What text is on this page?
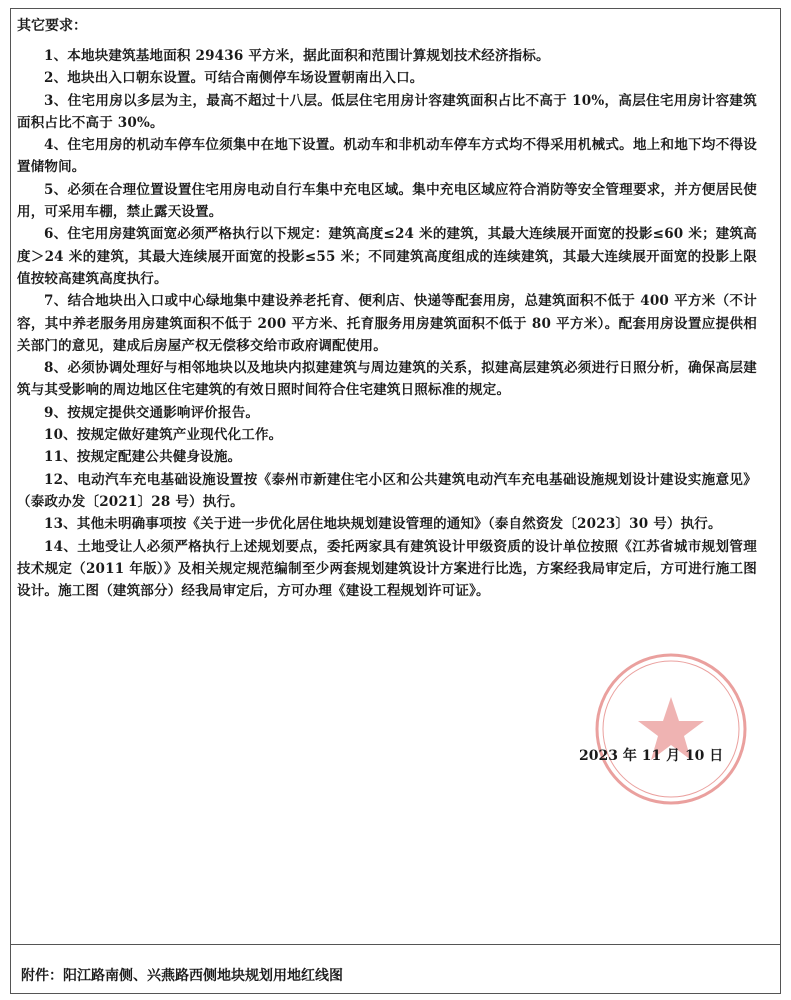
其它要求：

1、本地块建筑基地面积 29436 平方米，据此面积和范围计算规划技术经济指标。

2、地块出入口朝东设置。可结合南侧停车场设置朝南出入口。

3、住宅用房以多层为主，最高不超过十八层。低层住宅用房计容建筑面积占比不高于 10%，高层住宅用房计容建筑面积占比不高于 30%。

4、住宅用房的机动车停车位须集中在地下设置。机动车和非机动车停车方式均不得采用机械式。地上和地下均不得设置储物间。

5、必须在合理位置设置住宅用房电动自行车集中充电区域。集中充电区域应符合消防等安全管理要求，并方便居民使用，可采用车棚，禁止露天设置。

6、住宅用房建筑面宽必须严格执行以下规定：建筑高度≤24 米的建筑，其最大连续展开面宽的投影≤60 米；建筑高度＞24 米的建筑，其最大连续展开面宽的投影≤55 米；不同建筑高度组成的连续建筑，其最大连续展开面宽的投影上限值按较高建筑高度执行。

7、结合地块出入口或中心绿地集中建设养老托育、便利店、快递等配套用房，总建筑面积不低于 400 平方米（不计容，其中养老服务用房建筑面积不低于 200 平方米、托育服务用房建筑面积不低于 80 平方米）。配套用房设置应提供相关部门的意见，建成后房屋产权无偿移交给市政府调配使用。

8、必须协调处理好与相邻地块以及地块内拟建建筑与周边建筑的关系，拟建高层建筑必须进行日照分析，确保高层建筑与其受影响的周边地区住宅建筑的有效日照时间符合住宅建筑日照标准的规定。

9、按规定提供交通影响评价报告。

10、按规定做好建筑产业现代化工作。

11、按规定配建公共健身设施。

12、电动汽车充电基础设施设置按《泰州市新建住宅小区和公共建筑电动汽车充电基础设施规划设计建设实施意见》（泰政办发〔2021〕28 号）执行。

13、其他未明确事项按《关于进一步优化居住地块规划建设管理的通知》（泰自然资发〔2023〕30 号）执行。

14、土地受让人必须严格执行上述规划要点，委托两家具有建筑设计甲级资质的设计单位按照《江苏省城市规划管理技术规定（2011 年版）》及相关规定规范编制至少两套规划建筑设计方案进行比选，方案经我局审定后，方可进行施工图设计。施工图（建筑部分）经我局审定后，方可办理《建设工程规划许可证》。

2023 年 11 月 10 日
附件：阳江路南侧、兴燕路西侧地块规划用地红线图
